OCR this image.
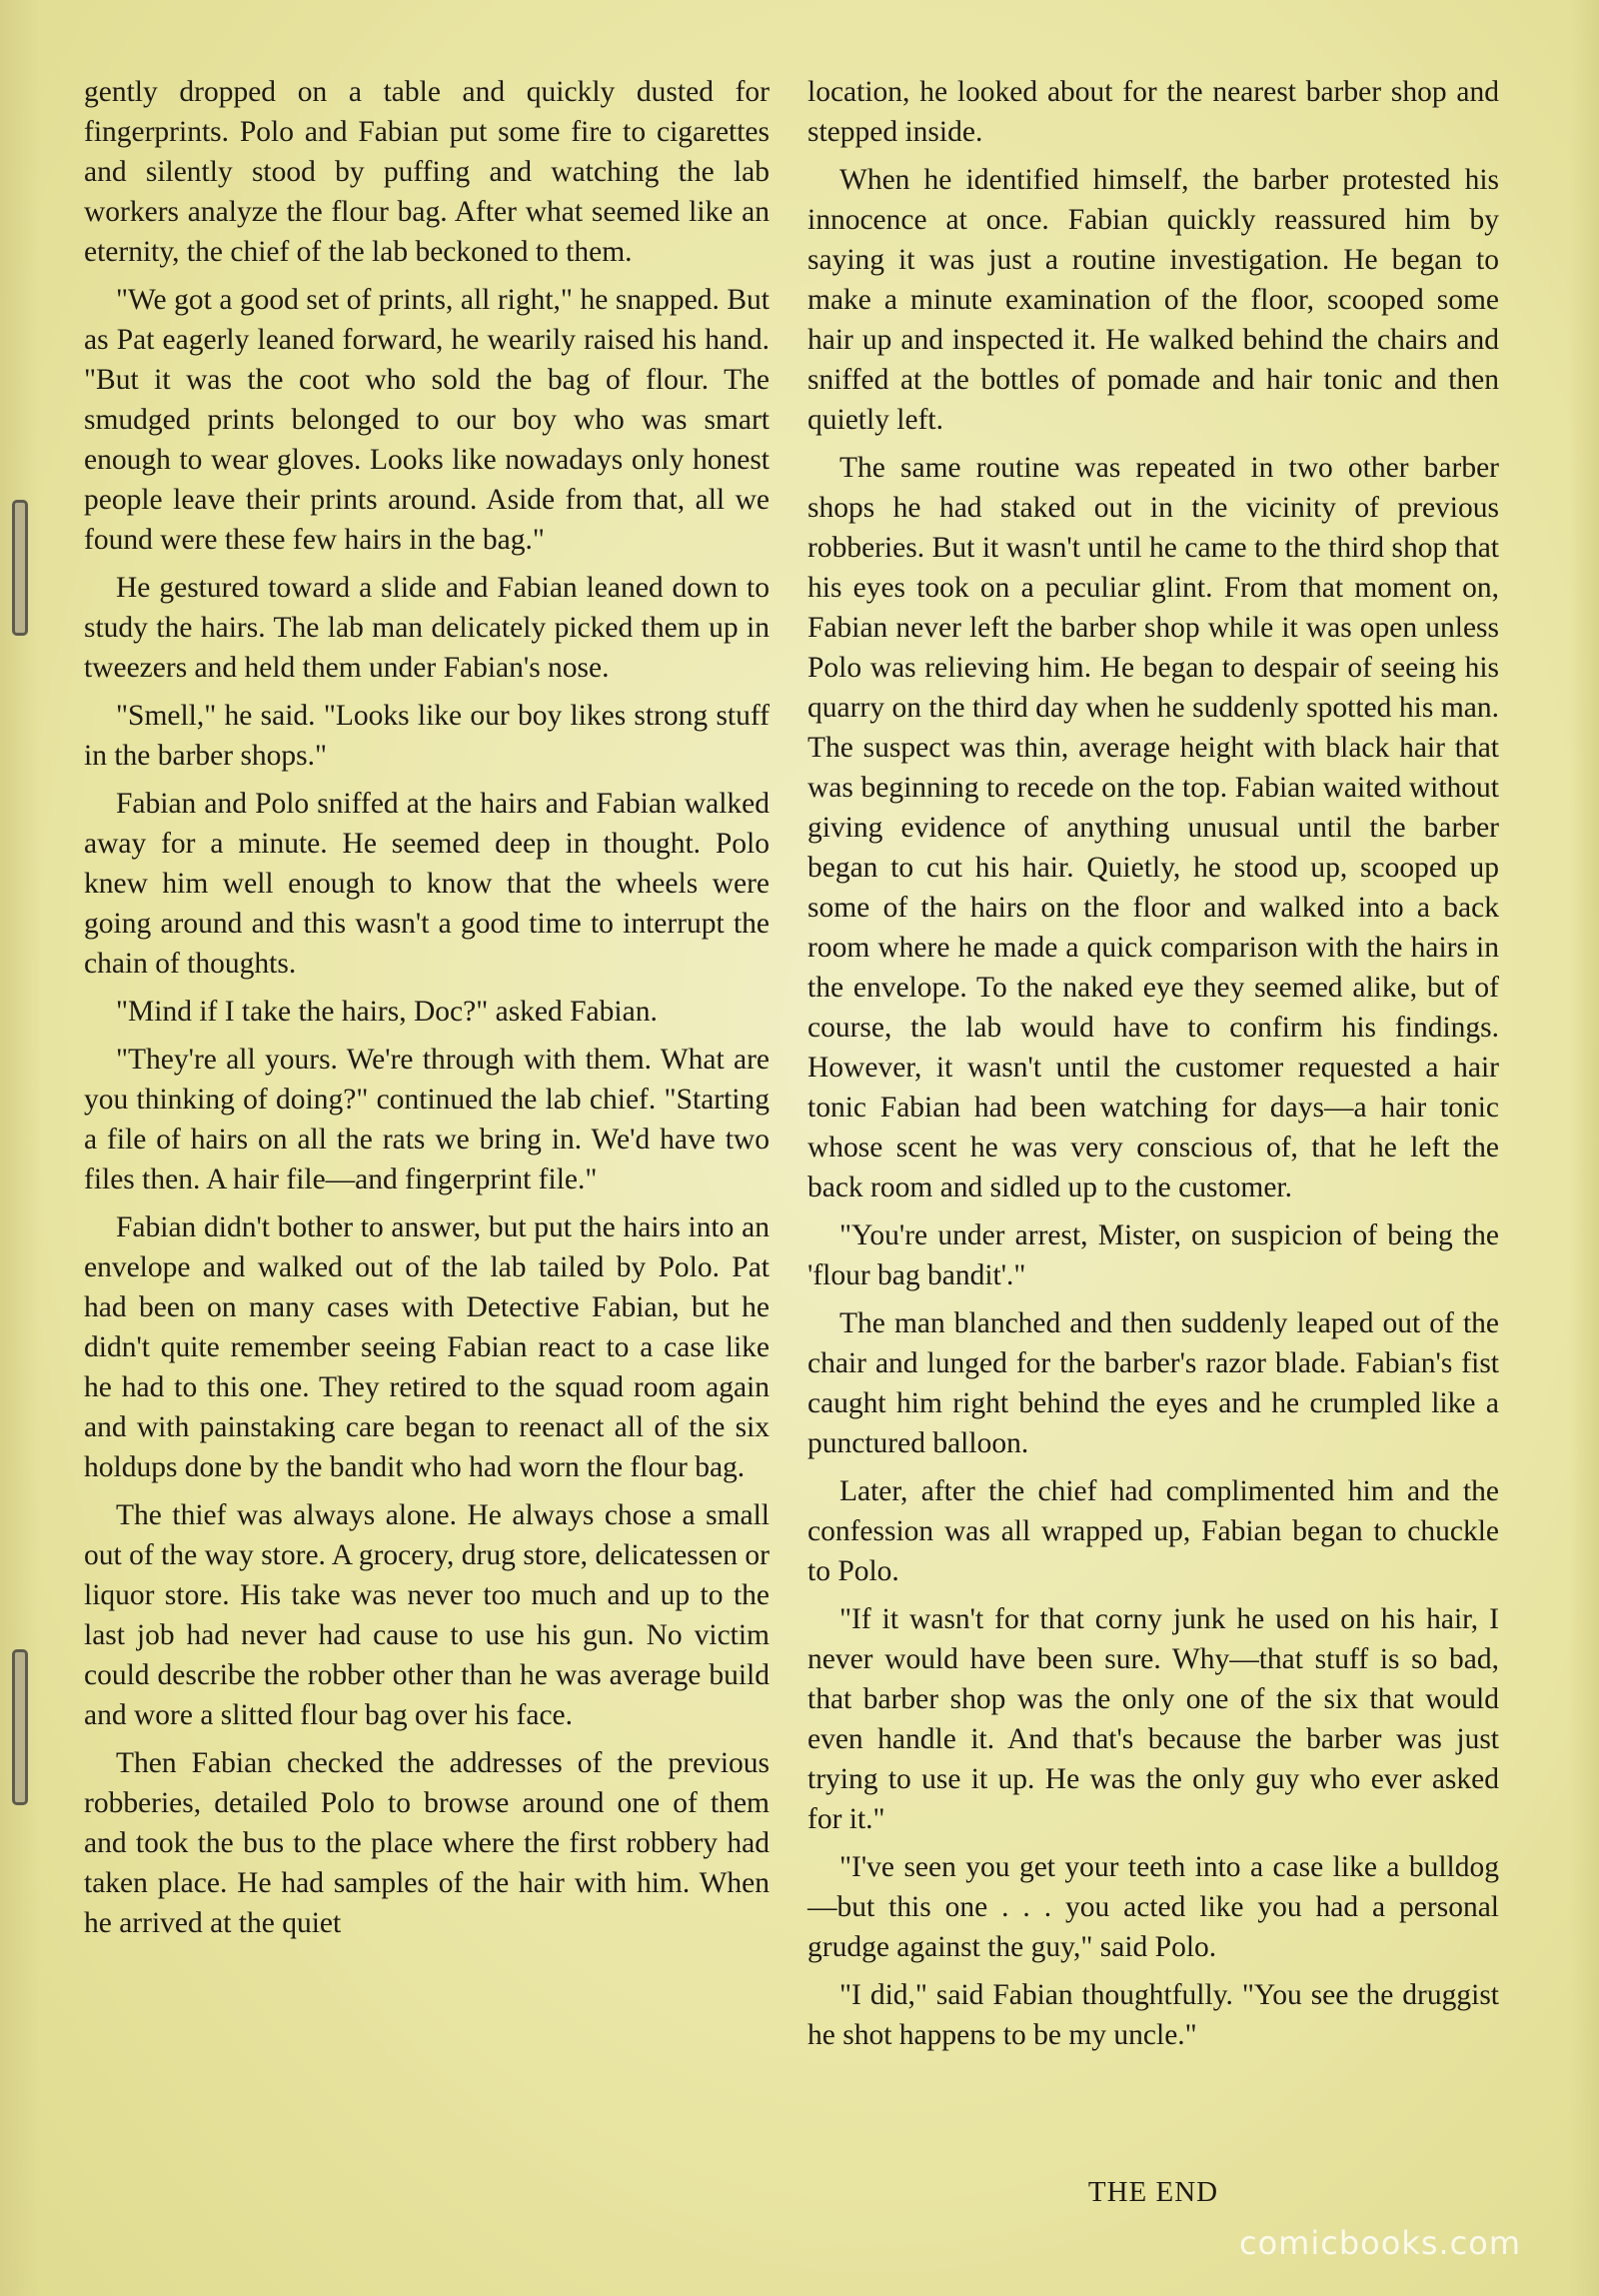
gently dropped on a table and quickly dusted for fingerprints. Polo and Fabian put some fire to cigarettes and silently stood by puffing and watching the lab workers analyze the flour bag. After what seemed like an eternity, the chief of the lab beckoned to them.

"We got a good set of prints, all right," he snapped. But as Pat eagerly leaned forward, he wearily raised his hand. "But it was the coot who sold the bag of flour. The smudged prints belonged to our boy who was smart enough to wear gloves. Looks like nowadays only honest people leave their prints around. Aside from that, all we found were these few hairs in the bag."

He gestured toward a slide and Fabian leaned down to study the hairs. The lab man delicately picked them up in tweezers and held them under Fabian's nose.

"Smell," he said. "Looks like our boy likes strong stuff in the barber shops."

Fabian and Polo sniffed at the hairs and Fabian walked away for a minute. He seemed deep in thought. Polo knew him well enough to know that the wheels were going around and this wasn't a good time to interrupt the chain of thoughts.

"Mind if I take the hairs, Doc?" asked Fabian.

"They're all yours. We're through with them. What are you thinking of doing?" continued the lab chief. "Starting a file of hairs on all the rats we bring in. We'd have two files then. A hair file—and fingerprint file."

Fabian didn't bother to answer, but put the hairs into an envelope and walked out of the lab tailed by Polo. Pat had been on many cases with Detective Fabian, but he didn't quite remember seeing Fabian react to a case like he had to this one. They retired to the squad room again and with painstaking care began to reenact all of the six holdups done by the bandit who had worn the flour bag.

The thief was always alone. He always chose a small out of the way store. A grocery, drug store, delicatessen or liquor store. His take was never too much and up to the last job had never had cause to use his gun. No victim could describe the robber other than he was average build and wore a slitted flour bag over his face.

Then Fabian checked the addresses of the previous robberies, detailed Polo to browse around one of them and took the bus to the place where the first robbery had taken place. He had samples of the hair with him. When he arrived at the quiet

location, he looked about for the nearest barber shop and stepped inside.

When he identified himself, the barber protested his innocence at once. Fabian quickly reassured him by saying it was just a routine investigation. He began to make a minute examination of the floor, scooped some hair up and inspected it. He walked behind the chairs and sniffed at the bottles of pomade and hair tonic and then quietly left.

The same routine was repeated in two other barber shops he had staked out in the vicinity of previous robberies. But it wasn't until he came to the third shop that his eyes took on a peculiar glint. From that moment on, Fabian never left the barber shop while it was open unless Polo was relieving him. He began to despair of seeing his quarry on the third day when he suddenly spotted his man. The suspect was thin, average height with black hair that was beginning to recede on the top. Fabian waited without giving evidence of anything unusual until the barber began to cut his hair. Quietly, he stood up, scooped up some of the hairs on the floor and walked into a back room where he made a quick comparison with the hairs in the envelope. To the naked eye they seemed alike, but of course, the lab would have to confirm his findings. However, it wasn't until the customer requested a hair tonic Fabian had been watching for days—a hair tonic whose scent he was very conscious of, that he left the back room and sidled up to the customer.

"You're under arrest, Mister, on suspicion of being the 'flour bag bandit'."

The man blanched and then suddenly leaped out of the chair and lunged for the barber's razor blade. Fabian's fist caught him right behind the eyes and he crumpled like a punctured balloon.

Later, after the chief had complimented him and the confession was all wrapped up, Fabian began to chuckle to Polo.

"If it wasn't for that corny junk he used on his hair, I never would have been sure. Why—that stuff is so bad, that barber shop was the only one of the six that would even handle it. And that's because the barber was just trying to use it up. He was the only guy who ever asked for it."

"I've seen you get your teeth into a case like a bulldog—but this one . . . you acted like you had a personal grudge against the guy," said Polo.

"I did," said Fabian thoughtfully. "You see the druggist he shot happens to be my uncle."

THE END
comicbooks.com
